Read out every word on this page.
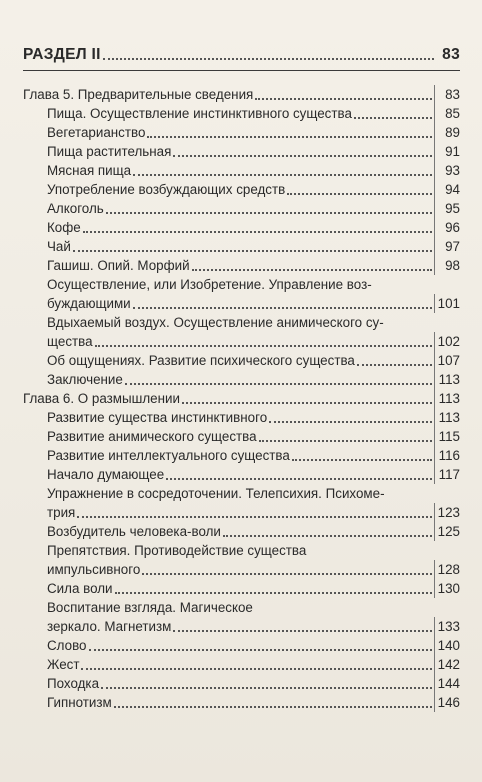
РАЗДЕЛ II	83
Глава 5. Предварительные сведения	83
Пища. Осуществление инстинктивного существа	85
Вегетарианство	89
Пища растительная	91
Мясная пища	93
Употребление возбуждающих средств	94
Алкоголь	95
Кофе	96
Чай	97
Гашиш. Опий. Морфий	98
Осуществление, или Изобретение. Управление воз-
буждающими	101
Вдыхаемый воздух. Осуществление анимического су-
щества	102
Об ощущениях. Развитие психического существа	107
Заключение	113
Глава 6. О размышлении	113
Развитие существа инстинктивного	113
Развитие анимического существа	115
Развитие интеллектуального существа	116
Начало думающее	117
Упражнение в сосредоточении. Телепсихия. Психоме-
трия	123
Возбудитель человека-воли	125
Препятствия. Противодействие существа
импульсивного	128
Сила воли	130
Воспитание взгляда. Магическое
зеркало. Магнетизм	133
Слово	140
Жест	142
Походка	144
Гипнотизм	146
